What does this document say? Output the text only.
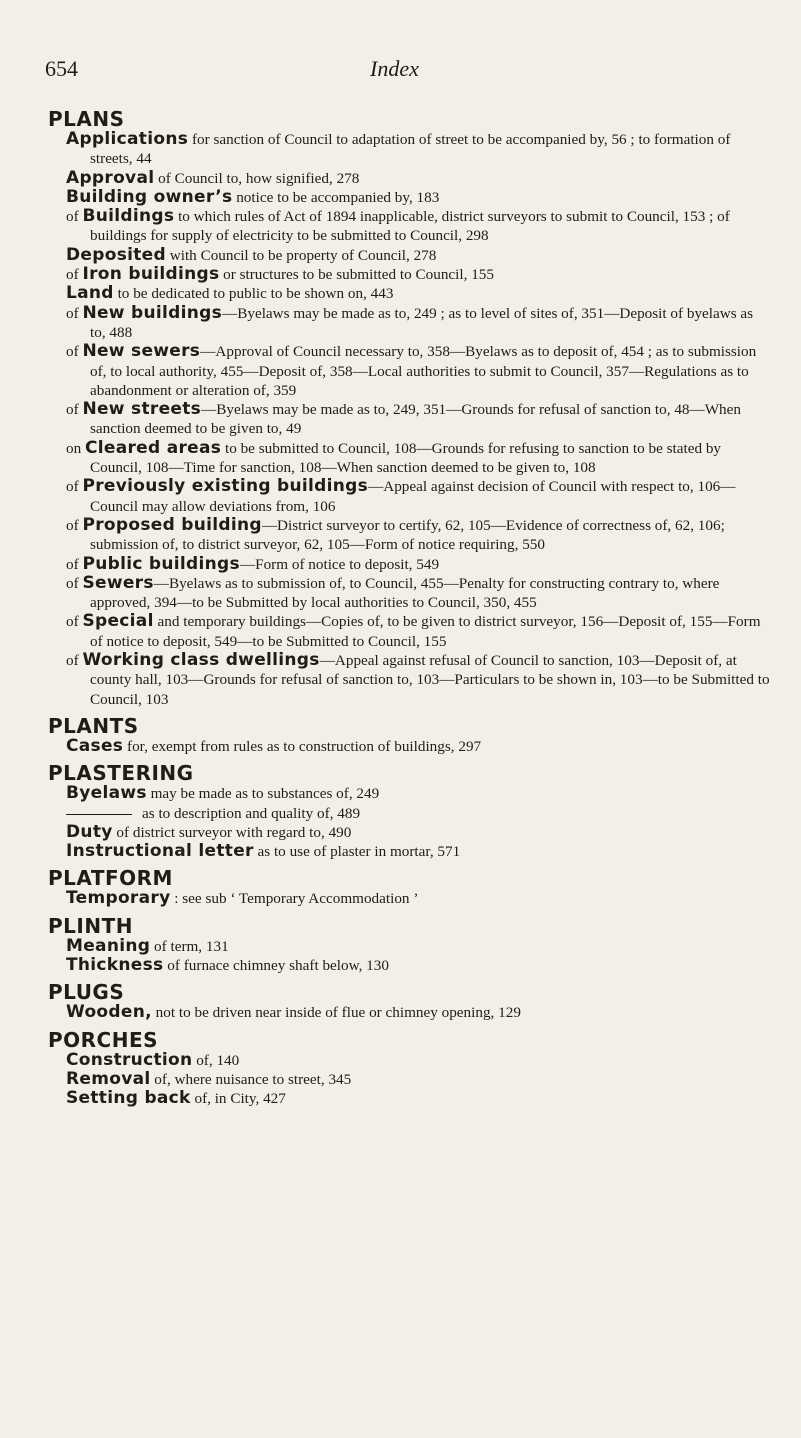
654	Index
PLANS
Applications for sanction of Council to adaptation of street to be accompanied by, 56 ; to formation of streets, 44
Approval of Council to, how signified, 278
Building owner’s notice to be accompanied by, 183
of Buildings to which rules of Act of 1894 inapplicable, district surveyors to submit to Council, 153 ; of buildings for supply of electricity to be submitted to Council, 298
Deposited with Council to be property of Council, 278
of Iron buildings or structures to be submitted to Council, 155
Land to be dedicated to public to be shown on, 443
of New buildings—Byelaws may be made as to, 249 ; as to level of sites of, 351—Deposit of byelaws as to, 488
of New sewers—Approval of Council necessary to, 358—Byelaws as to deposit of, 454 ; as to submission of, to local authority, 455—Deposit of, 358—Local authorities to submit to Council, 357—Regulations as to abandonment or alteration of, 359
of New streets—Byelaws may be made as to, 249, 351—Grounds for refusal of sanction to, 48—When sanction deemed to be given to, 49
on Cleared areas to be submitted to Council, 108—Grounds for refusing to sanction to be stated by Council, 108—Time for sanction, 108—When sanction deemed to be given to, 108
of Previously existing buildings—Appeal against decision of Council with respect to, 106—Council may allow deviations from, 106
of Proposed building—District surveyor to certify, 62, 105—Evidence of correctness of, 62, 106; submission of, to district surveyor, 62, 105—Form of notice requiring, 550
of Public buildings—Form of notice to deposit, 549
of Sewers—Byelaws as to submission of, to Council, 455—Penalty for constructing contrary to, where approved, 394—to be Submitted by local authorities to Council, 350, 455
of Special and temporary buildings—Copies of, to be given to district surveyor, 156—Deposit of, 155—Form of notice to deposit, 549—to be Submitted to Council, 155
of Working class dwellings—Appeal against refusal of Council to sanction, 103—Deposit of, at county hall, 103—Grounds for refusal of sanction to, 103—Particulars to be shown in, 103—to be Submitted to Council, 103
PLANTS
Cases for, exempt from rules as to construction of buildings, 297
PLASTERING
Byelaws may be made as to substances of, 249
as to description and quality of, 489
Duty of district surveyor with regard to, 490
Instructional letter as to use of plaster in mortar, 571
PLATFORM
Temporary : see sub ‘ Temporary Accommodation ’
PLINTH
Meaning of term, 131
Thickness of furnace chimney shaft below, 130
PLUGS
Wooden, not to be driven near inside of flue or chimney opening, 129
PORCHES
Construction of, 140
Removal of, where nuisance to street, 345
Setting back of, in City, 427
